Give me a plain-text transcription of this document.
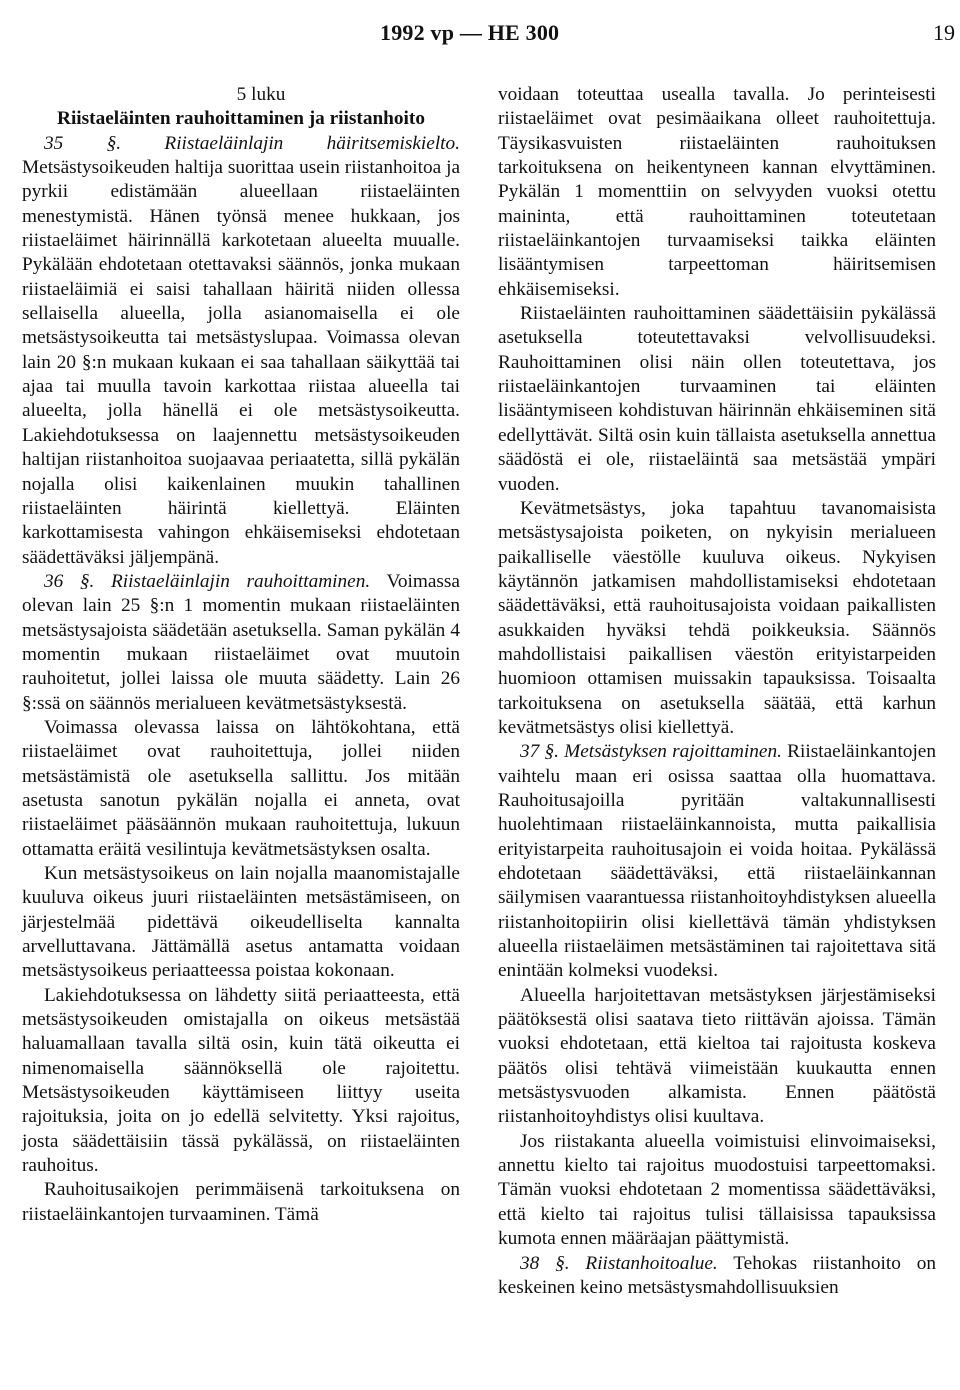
1992 vp — HE 300	19

5 luku

Riistaeläinten rauhoittaminen ja riistanhoito

35 §. Riistaeläinlajin häiritsemiskielto. Metsästysoikeuden haltija suorittaa usein riistanhoitoa ja pyrkii edistämään alueellaan riistaeläinten menestymistä. Hänen työnsä menee hukkaan, jos riistaeläimet häirinnällä karkotetaan alueelta muualle. Pykälään ehdotetaan otettavaksi säännös, jonka mukaan riistaeläimiä ei saisi tahallaan häiritä niiden ollessa sellaisella alueella, jolla asianomaisella ei ole metsästysoikeutta tai metsästyslupaa. Voimassa olevan lain 20 §:n mukaan kukaan ei saa tahallaan säikyttää tai ajaa tai muulla tavoin karkottaa riistaa alueella tai alueelta, jolla hänellä ei ole metsästysoikeutta. Lakiehdotuksessa on laajennettu metsästysoikeuden haltijan riistanhoitoa suojaavaa periaatetta, sillä pykälän nojalla olisi kaikenlainen muukin tahallinen riistaeläinten häirintä kiellettyä. Eläinten karkottamisesta vahingon ehkäisemiseksi ehdotetaan säädettäväksi jäljempänä.

36 §. Riistaeläinlajin rauhoittaminen. Voimassa olevan lain 25 §:n 1 momentin mukaan riistaeläinten metsästysajoista säädetään asetuksella. Saman pykälän 4 momentin mukaan riistaeläimet ovat muutoin rauhoitetut, jollei laissa ole muuta säädetty. Lain 26 §:ssä on säännös merialueen kevätmetsästyksestä.

Voimassa olevassa laissa on lähtökohtana, että riistaeläimet ovat rauhoitettuja, jollei niiden metsästämistä ole asetuksella sallittu. Jos mitään asetusta sanotun pykälän nojalla ei anneta, ovat riistaeläimet pääsäännön mukaan rauhoitettuja, lukuun ottamatta eräitä vesilintuja kevätmetsästyksen osalta.

Kun metsästysoikeus on lain nojalla maanomistajalle kuuluva oikeus juuri riistaeläinten metsästämiseen, on järjestelmää pidettävä oikeudelliselta kannalta arvelluttavana. Jättämällä asetus antamatta voidaan metsästysoikeus periaatteessa poistaa kokonaan.

Lakiehdotuksessa on lähdetty siitä periaatteesta, että metsästysoikeuden omistajalla on oikeus metsästää haluamallaan tavalla siltä osin, kuin tätä oikeutta ei nimenomaisella säännöksellä ole rajoitettu. Metsästysoikeuden käyttämiseen liittyy useita rajoituksia, joita on jo edellä selvitetty. Yksi rajoitus, josta säädettäisiin tässä pykälässä, on riistaeläinten rauhoitus.

Rauhoitusaikojen perimmäisenä tarkoituksena on riistaeläinkantojen turvaaminen. Tämä

voidaan toteuttaa usealla tavalla. Jo perinteisesti riistaeläimet ovat pesimäaikana olleet rauhoitettuja. Täysikasvuisten riistaeläinten rauhoituksen tarkoituksena on heikentyneen kannan elvyttäminen. Pykälän 1 momenttiin on selvyyden vuoksi otettu maininta, että rauhoittaminen toteutetaan riistaeläinkantojen turvaamiseksi taikka eläinten lisääntymisen tarpeettoman häiritsemisen ehkäisemiseksi.

Riistaeläinten rauhoittaminen säädettäisiin pykälässä asetuksella toteutettavaksi velvollisuudeksi. Rauhoittaminen olisi näin ollen toteutettava, jos riistaeläinkantojen turvaaminen tai eläinten lisääntymiseen kohdistuvan häirinnän ehkäiseminen sitä edellyttävät. Siltä osin kuin tällaista asetuksella annettua säädöstä ei ole, riistaeläintä saa metsästää ympäri vuoden.

Kevätmetsästys, joka tapahtuu tavanomaisista metsästysajoista poiketen, on nykyisin merialueen paikalliselle väestölle kuuluva oikeus. Nykyisen käytännön jatkamisen mahdollistamiseksi ehdotetaan säädettäväksi, että rauhoitusajoista voidaan paikallisten asukkaiden hyväksi tehdä poikkeuksia. Säännös mahdollistaisi paikallisen väestön erityistarpeiden huomioon ottamisen muissakin tapauksissa. Toisaalta tarkoituksena on asetuksella säätää, että karhun kevätmetsästys olisi kiellettyä.

37 §. Metsästyksen rajoittaminen. Riistaeläinkantojen vaihtelu maan eri osissa saattaa olla huomattava. Rauhoitusajoilla pyritään valtakunnallisesti huolehtimaan riistaeläinkannoista, mutta paikallisia erityistarpeita rauhoitusajoin ei voida hoitaa. Pykälässä ehdotetaan säädettäväksi, että riistaeläinkannan säilymisen vaarantuessa riistanhoitoyhdistyksen alueella riistanhoitopiirin olisi kiellettävä tämän yhdistyksen alueella riistaeläimen metsästäminen tai rajoitettava sitä enintään kolmeksi vuodeksi.

Alueella harjoitettavan metsästyksen järjestämiseksi päätöksestä olisi saatava tieto riittävän ajoissa. Tämän vuoksi ehdotetaan, että kieltoa tai rajoitusta koskeva päätös olisi tehtävä viimeistään kuukautta ennen metsästysvuoden alkamista. Ennen päätöstä riistanhoitoyhdistys olisi kuultava.

Jos riistakanta alueella voimistuisi elinvoimaiseksi, annettu kielto tai rajoitus muodostuisi tarpeettomaksi. Tämän vuoksi ehdotetaan 2 momentissa säädettäväksi, että kielto tai rajoitus tulisi tällaisissa tapauksissa kumota ennen määräajan päättymistä.

38 §. Riistanhoitoalue. Tehokas riistanhoito on keskeinen keino metsästysmahdollisuuksien
